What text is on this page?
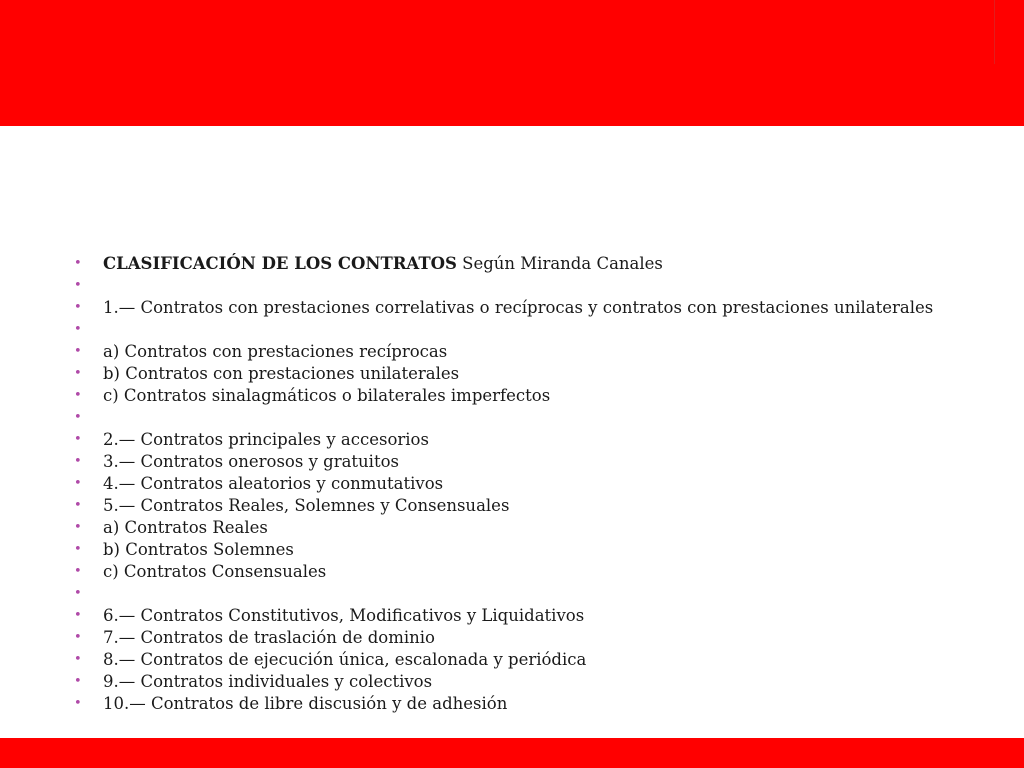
• CLASIFICACIÓN DE LOS CONTRATOS Según Miranda Canales
•
• 1.— Contratos con prestaciones correlativas o recíprocas y contratos con prestaciones unilaterales
•
• a) Contratos con prestaciones recíprocas
• b) Contratos con prestaciones unilaterales
• c) Contratos sinalagmáticos o bilaterales imperfectos
•
• 2.— Contratos principales y accesorios
• 3.— Contratos onerosos y gratuitos
• 4.— Contratos aleatorios y conmutativos
• 5.— Contratos Reales, Solemnes y Consensuales
• a) Contratos Reales
• b) Contratos Solemnes
• c) Contratos Consensuales
•
• 6.— Contratos Constitutivos, Modificativos y Liquidativos
• 7.— Contratos de traslación de dominio
• 8.— Contratos de ejecución única, escalonada y periódica
• 9.— Contratos individuales y colectivos
• 10.— Contratos de libre discusión y de adhesión
